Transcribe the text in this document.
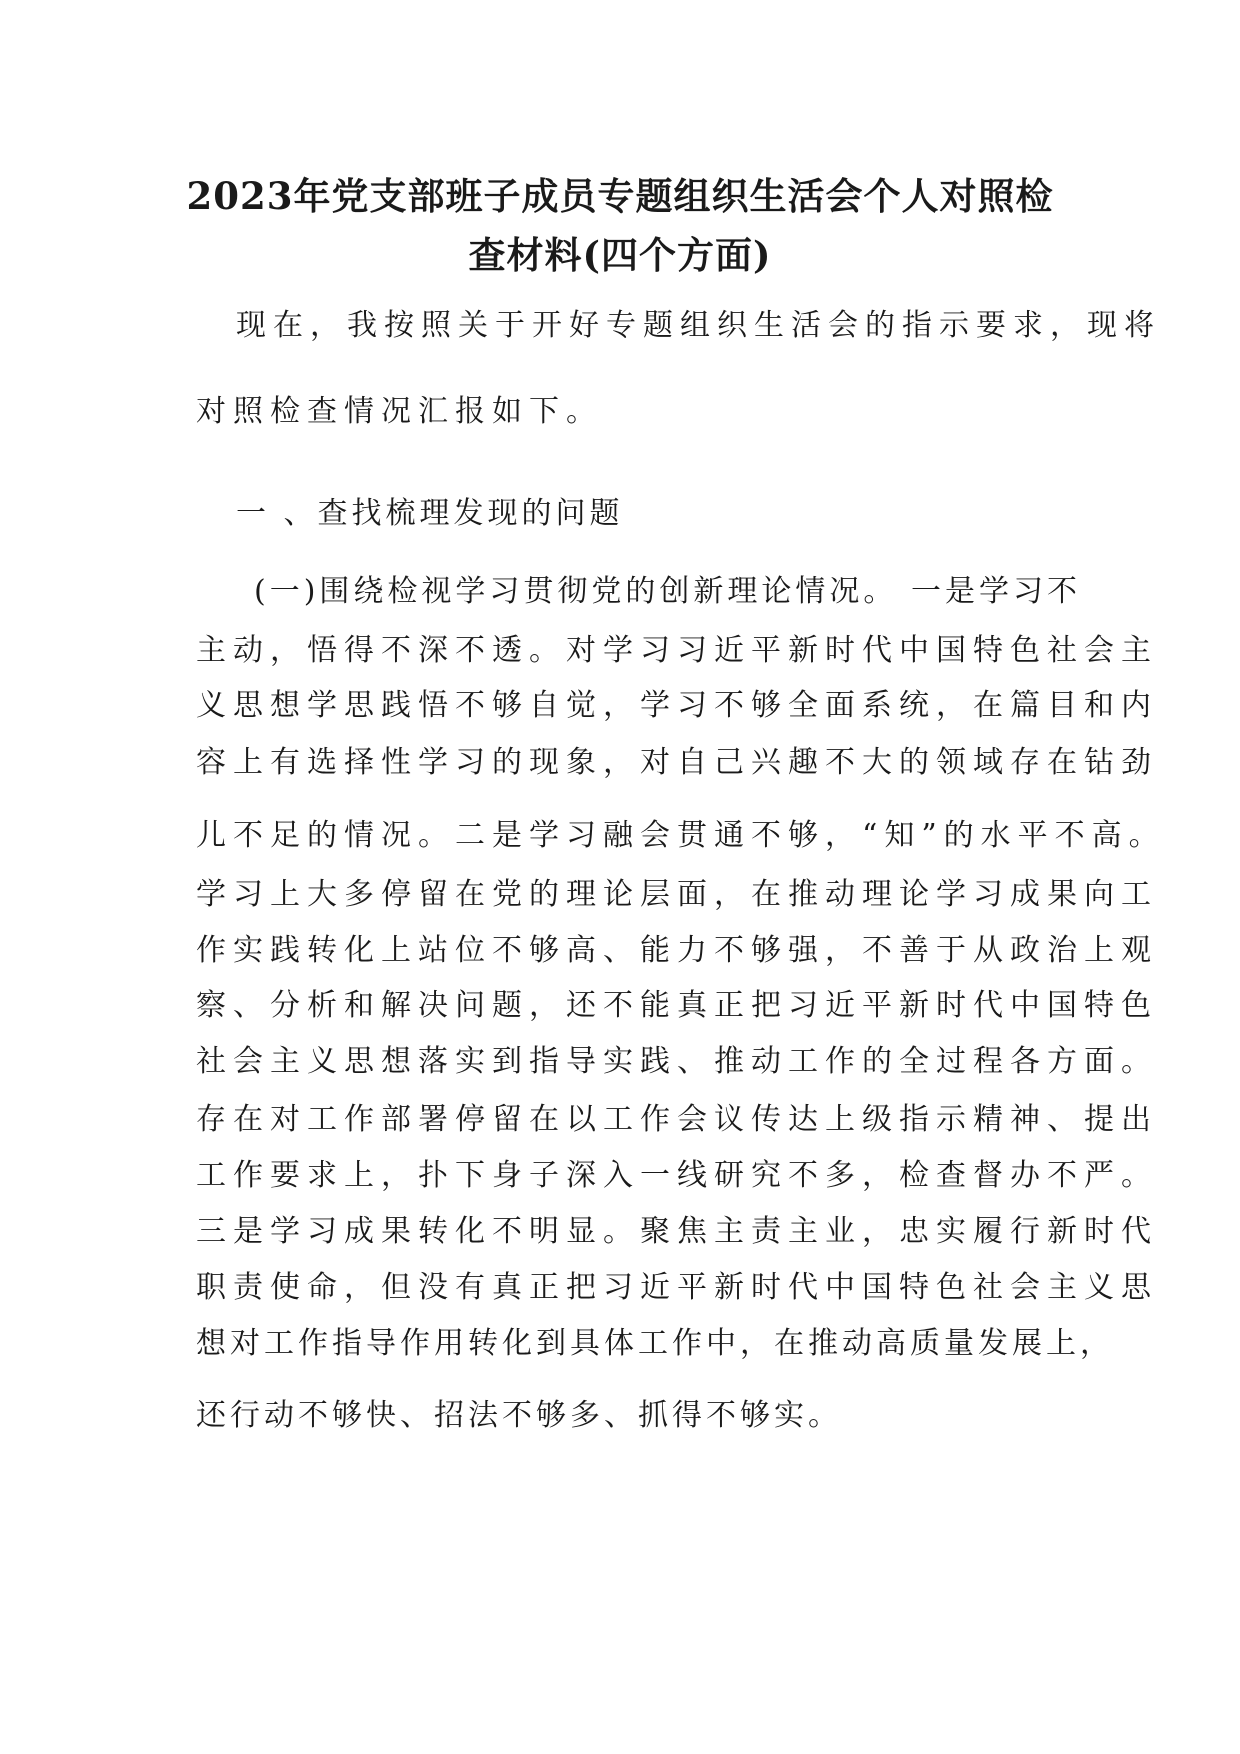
2023年党支部班子成员专题组织生活会个人对照检
查材料(四个方面)
现在，我按照关于开好专题组织生活会的指示要求，现将
对照检查情况汇报如下。
一 、查找梳理发现的问题
(一)围绕检视学习贯彻党的创新理论情况。 一是学习不
主动，悟得不深不透。对学习习近平新时代中国特色社会主
义思想学思践悟不够自觉，学习不够全面系统，在篇目和内
容上有选择性学习的现象，对自己兴趣不大的领域存在钻劲
儿不足的情况。二是学习融会贯通不够，“知”的水平不高。
学习上大多停留在党的理论层面，在推动理论学习成果向工
作实践转化上站位不够高、能力不够强，不善于从政治上观
察、分析和解决问题，还不能真正把习近平新时代中国特色
社会主义思想落实到指导实践、推动工作的全过程各方面。
存在对工作部署停留在以工作会议传达上级指示精神、提出
工作要求上，扑下身子深入一线研究不多，检查督办不严。
三是学习成果转化不明显。聚焦主责主业，忠实履行新时代
职责使命，但没有真正把习近平新时代中国特色社会主义思
想对工作指导作用转化到具体工作中，在推动高质量发展上，
还行动不够快、招法不够多、抓得不够实。
